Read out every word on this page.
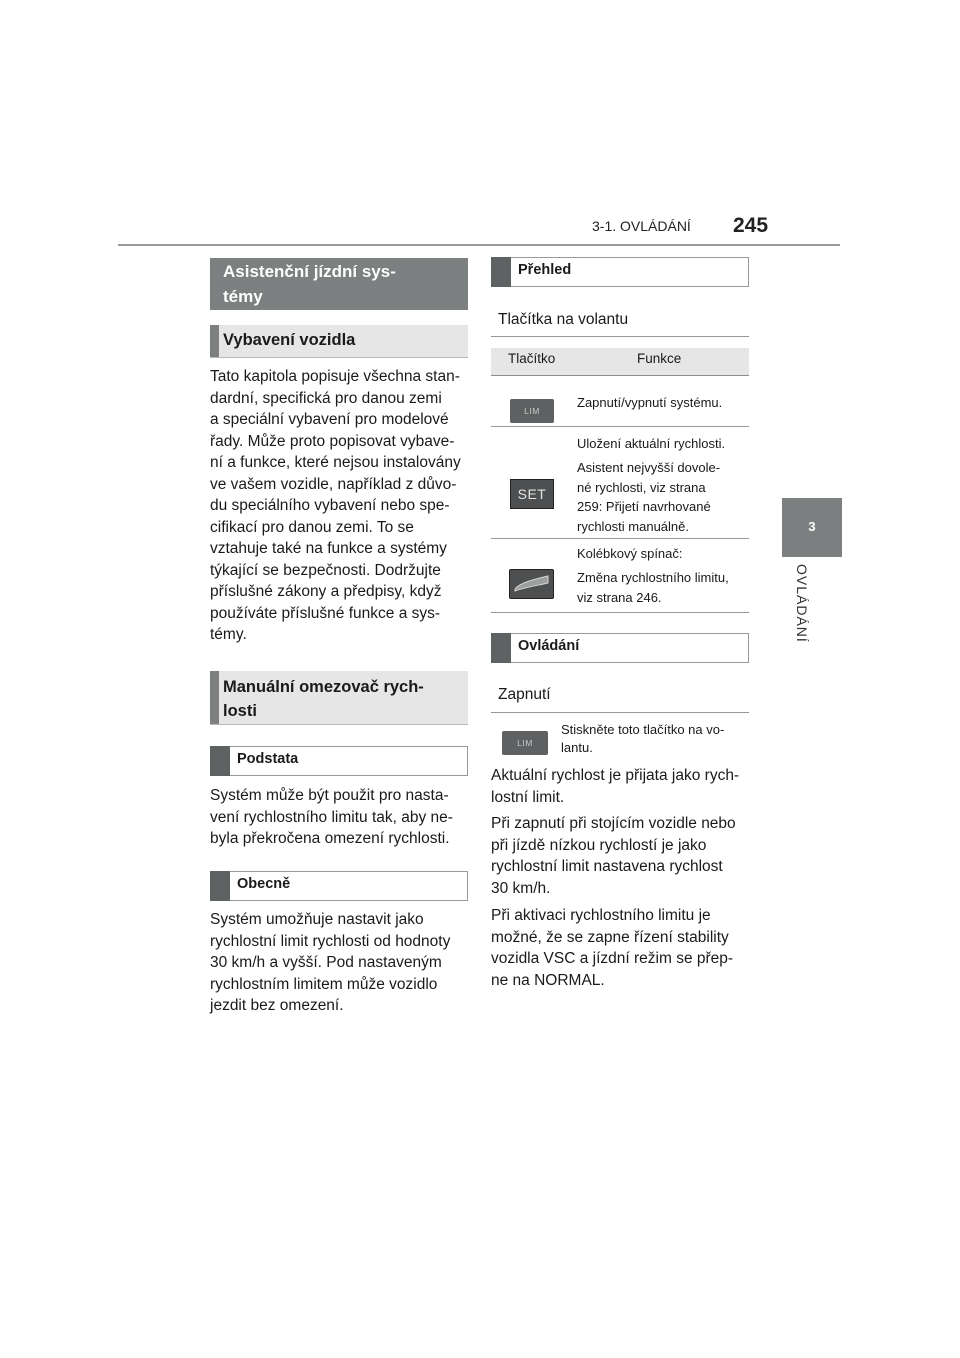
3-1. OVLÁDÁNÍ 245
3
OVLÁDÁNÍ
Asistenční jízdní sys-
témy
Vybavení vozidla

Tato kapitola popisuje všechna stan-

dardní, specifická pro danou zemi

a speciální vybavení pro modelové

řady. Může proto popisovat vybave-

ní a funkce, které nejsou instalovány

ve vašem vozidle, například z důvo-

du speciálního vybavení nebo spe-

cifikací pro danou zemi. To se

vztahuje také na funkce a systémy

týkající se bezpečnosti. Dodržujte

příslušné zákony a předpisy, když

používáte příslušné funkce a sys-

témy.

Manuální omezovač rych-
losti
Podstata

Systém může být použit pro nasta-

vení rychlostního limitu tak, aby ne-

byla překročena omezení rychlosti.

Obecně

Systém umožňuje nastavit jako

rychlostní limit rychlosti od hodnoty

30 km/h a vyšší. Pod nastaveným

rychlostním limitem může vozidlo

jezdit bez omezení.

Přehled
Tlačítka na volantu
Tlačítko	Funkce
LIM
Zapnutí/vypnutí systému.
SET
Uložení aktuální rychlosti.
Asistent nejvyšší dovole-
né rychlosti, viz strana
259: Přijetí navrhované
rychlosti manuálně.
Kolébkový spínač:
Změna rychlostního limitu,
viz strana 246.
Ovládání
Zapnutí
LIM
Stiskněte toto tlačítko na vo-
lantu.

Aktuální rychlost je přijata jako rych-

lostní limit.

Při zapnutí při stojícím vozidle nebo

při jízdě nízkou rychlostí je jako

rychlostní limit nastavena rychlost

30 km/h.

Při aktivaci rychlostního limitu je

možné, že se zapne řízení stability

vozidla VSC a jízdní režim se přep-

ne na NORMAL.
